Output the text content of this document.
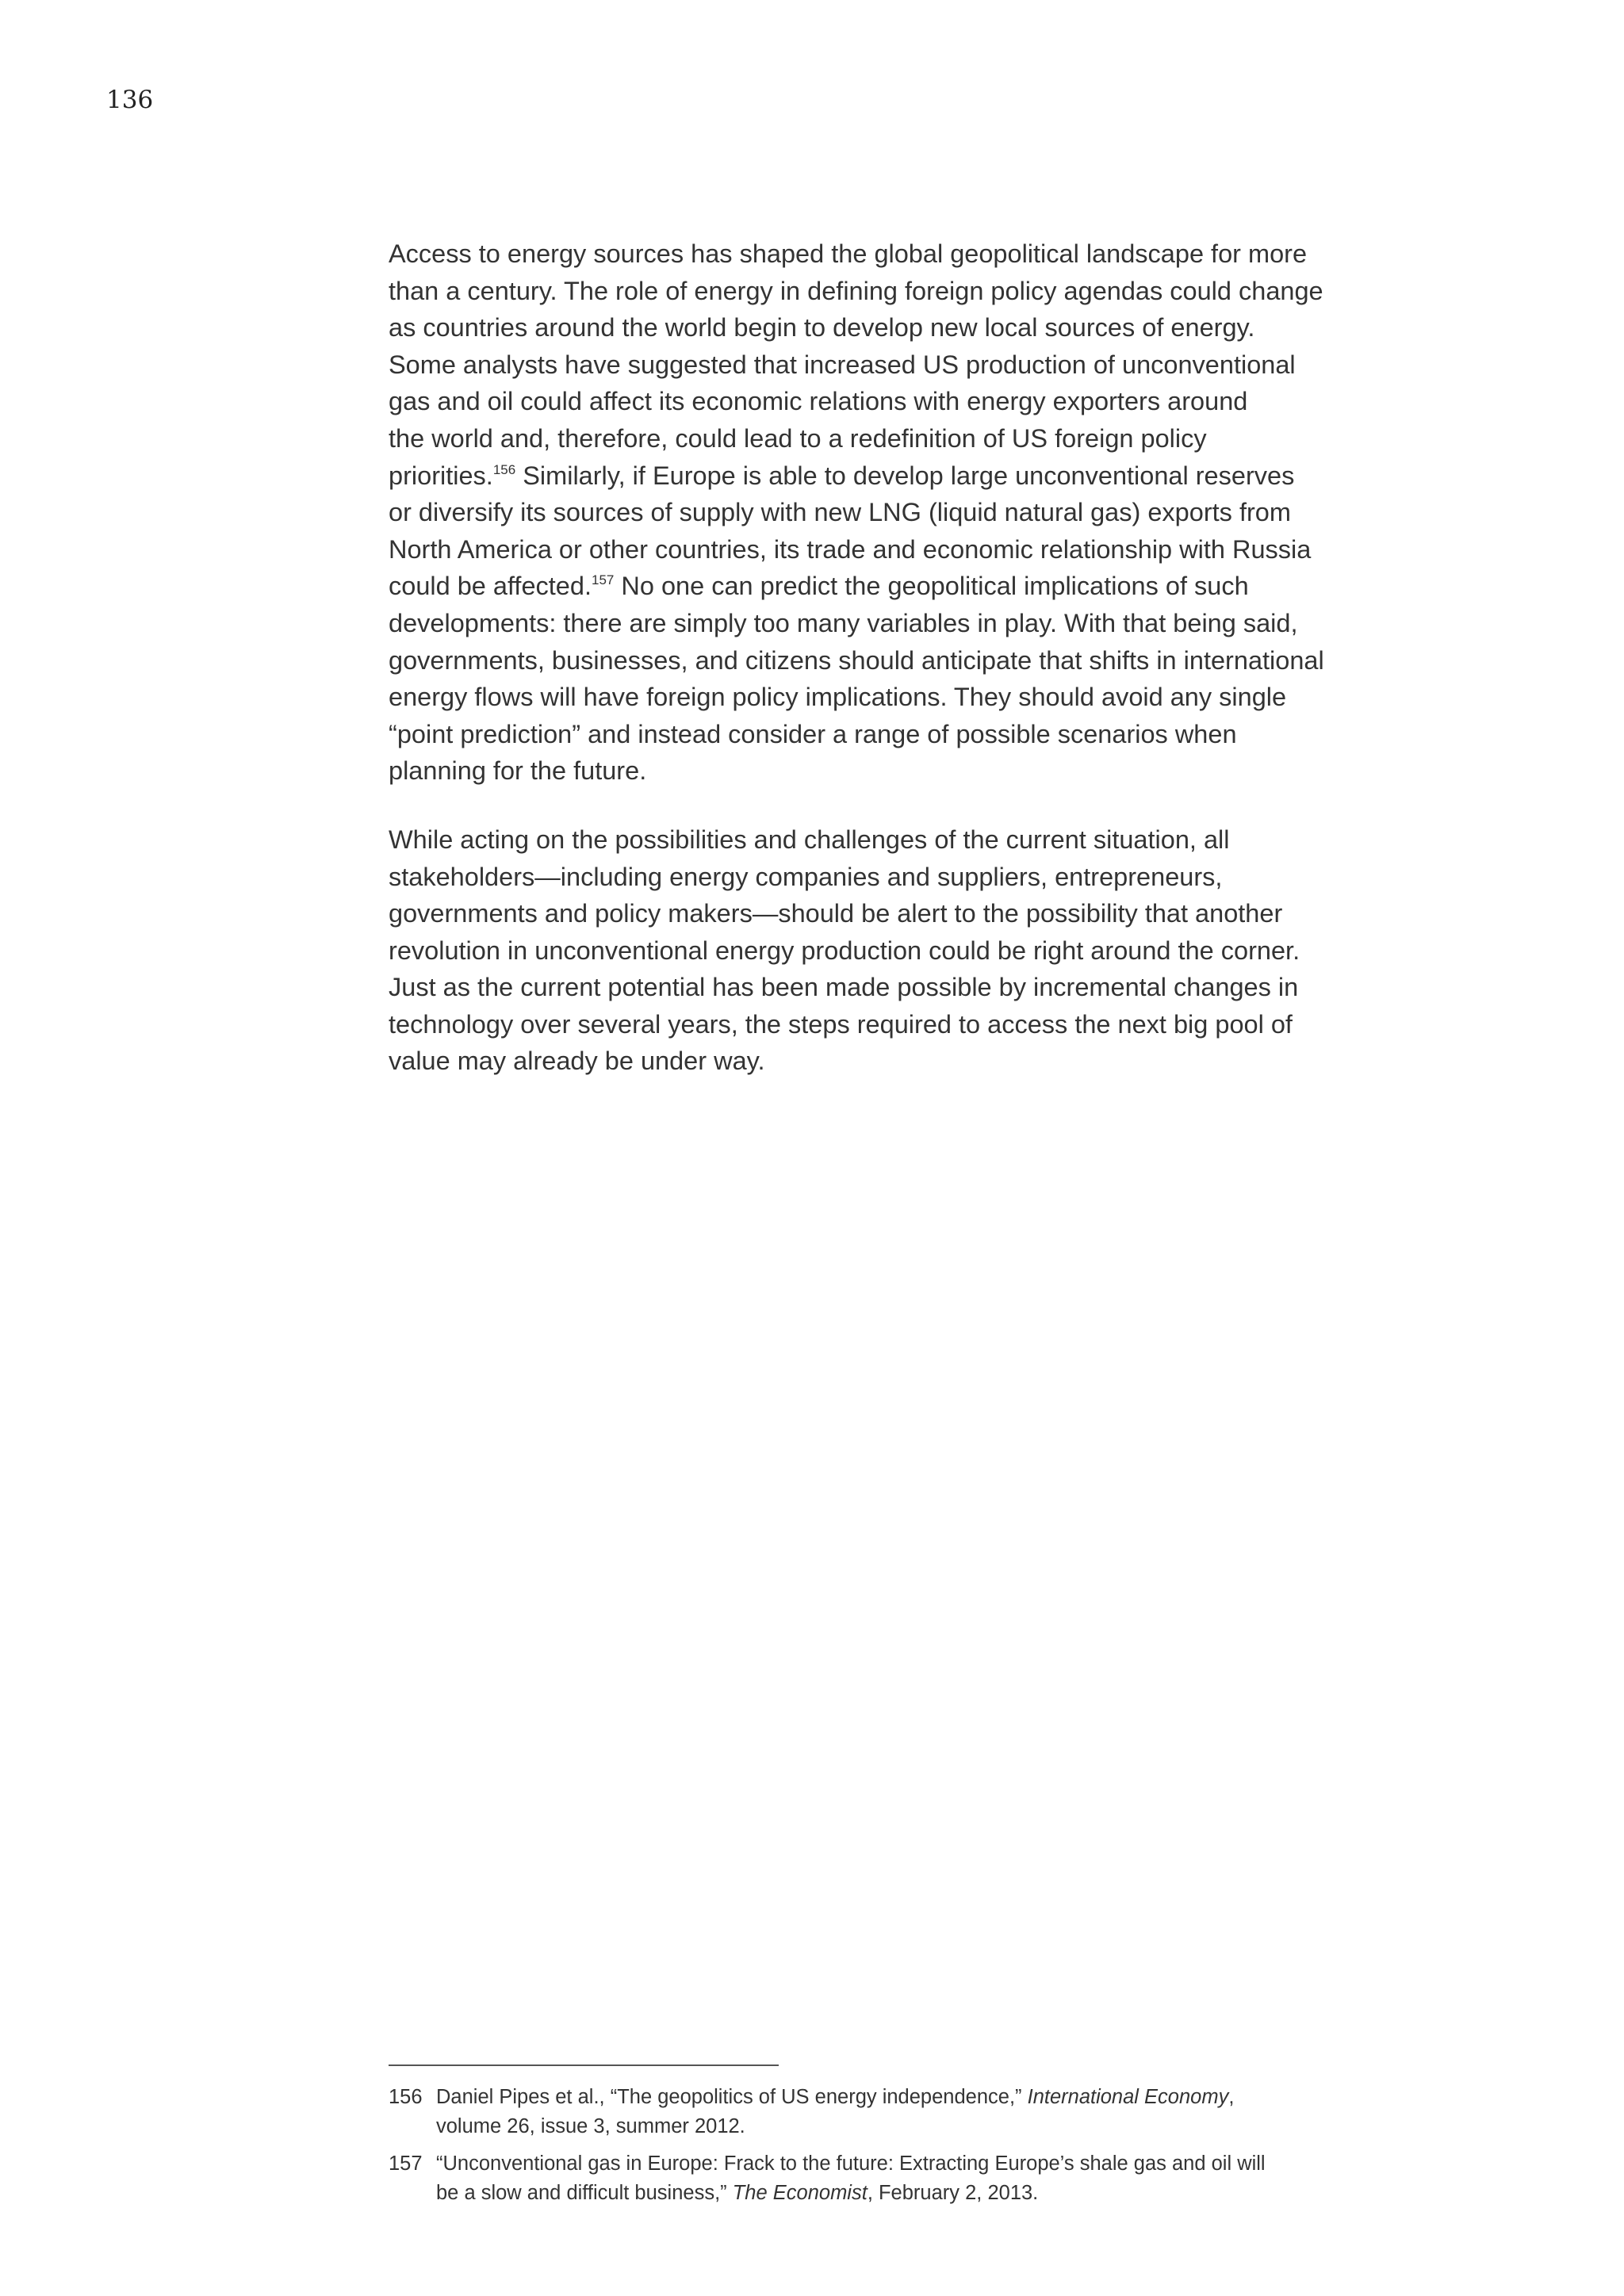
136

Access to energy sources has shaped the global geopolitical landscape for more
than a century. The role of energy in defining foreign policy agendas could change
as countries around the world begin to develop new local sources of energy.
Some analysts have suggested that increased US production of unconventional
gas and oil could affect its economic relations with energy exporters around
the world and, therefore, could lead to a redefinition of US foreign policy
priorities.$^{156}$ Similarly, if Europe is able to develop large unconventional reserves
or diversify its sources of supply with new LNG (liquid natural gas) exports from
North America or other countries, its trade and economic relationship with Russia
could be affected.$^{157}$ No one can predict the geopolitical implications of such
developments: there are simply too many variables in play. With that being said,
governments, businesses, and citizens should anticipate that shifts in international
energy flows will have foreign policy implications. They should avoid any single
“point prediction” and instead consider a range of possible scenarios when
planning for the future.

While acting on the possibilities and challenges of the current situation, all
stakeholders—including energy companies and suppliers, entrepreneurs,
governments and policy makers—should be alert to the possibility that another
revolution in unconventional energy production could be right around the corner.
Just as the current potential has been made possible by incremental changes in
technology over several years, the steps required to access the next big pool of
value may already be under way.

156 Daniel Pipes et al., “The geopolitics of US energy independence,” International Economy,
volume 26, issue 3, summer 2012.
157 “Unconventional gas in Europe: Frack to the future: Extracting Europe’s shale gas and oil will
be a slow and difficult business,” The Economist, February 2, 2013.
